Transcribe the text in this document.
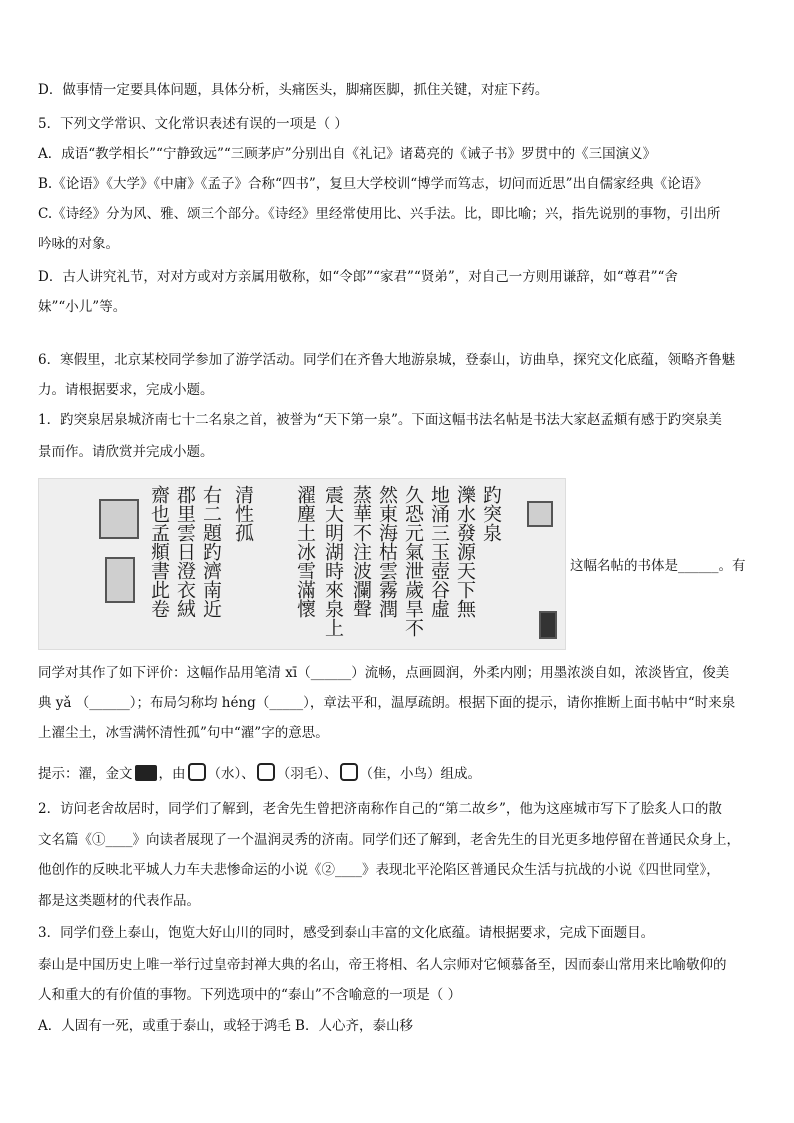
D．做事情一定要具体问题，具体分析，头痛医头，脚痛医脚，抓住关键，对症下药。
5．下列文学常识、文化常识表述有误的一项是（ ）
A．成语“教学相长”“宁静致远”“三顾茅庐”分别出自《礼记》诸葛亮的《诫子书》罗贯中的《三国演义》
B.《论语》《大学》《中庸》《孟子》合称“四书”，复旦大学校训“博学而笃志，切问而近思”出自儒家经典《论语》
C.《诗经》分为风、雅、颂三个部分。《诗经》里经常使用比、兴手法。比，即比喻；兴，指先说别的事物，引出所
吟咏的对象。
D．古人讲究礼节，对对方或对方亲属用敬称，如“令郎”“家君”“贤弟”，对自己一方则用谦辞，如“尊君”“舍
妹”“小儿”等。
6．寒假里，北京某校同学参加了游学活动。同学们在齐鲁大地游泉城，登泰山，访曲阜，探究文化底蕴，领略齐鲁魅
力。请根据要求，完成小题。
1．趵突泉居泉城济南七十二名泉之首，被誉为“天下第一泉”。下面这幅书法名帖是书法大家赵孟頫有感于趵突泉美
景而作。请欣赏并完成小题。
趵突泉
濼水發源天下無
地涌三玉壺谷虛
久恐元氣泄歲旱不
然東海枯雲霧潤
蒸華不注波瀾聲
震大明湖時來泉上
濯塵土冰雪滿懷
清性孤
右二題趵濟南近
郡里雲日澄衣絨
齋也孟頫書此卷	这幅名帖的书体是______。有
同学对其作了如下评价：这幅作品用笔清 xī（______）流畅，点画圆润，外柔内刚；用墨浓淡自如，浓淡皆宜，俊美
典 yǎ （______）；布局匀称均 héng（_____），章法平和，温厚疏朗。根据下面的提示，请你推断上面书帖中“时来泉
上濯尘土，冰雪满怀清性孤”句中“濯”字的意思。
提示：濯，金文 ，由 （水）、 （羽毛）、 （隹，小鸟）组成。
2．访问老舍故居时，同学们了解到，老舍先生曾把济南称作自己的“第二故乡”，他为这座城市写下了脍炙人口的散
文名篇《①____》向读者展现了一个温润灵秀的济南。同学们还了解到，老舍先生的目光更多地停留在普通民众身上，
他创作的反映北平城人力车夫悲惨命运的小说《②____》表现北平沦陷区普通民众生活与抗战的小说《四世同堂》，
都是这类题材的代表作品。
3．同学们登上泰山，饱览大好山川的同时，感受到泰山丰富的文化底蕴。请根据要求，完成下面题目。
泰山是中国历史上唯一举行过皇帝封禅大典的名山，帝王将相、名人宗师对它倾慕备至，因而泰山常用来比喻敬仰的
人和重大的有价值的事物。下列选项中的“泰山”不含喻意的一项是（ ）
A．人固有一死，或重于泰山，或轻于鸿毛 B．人心齐，泰山移
